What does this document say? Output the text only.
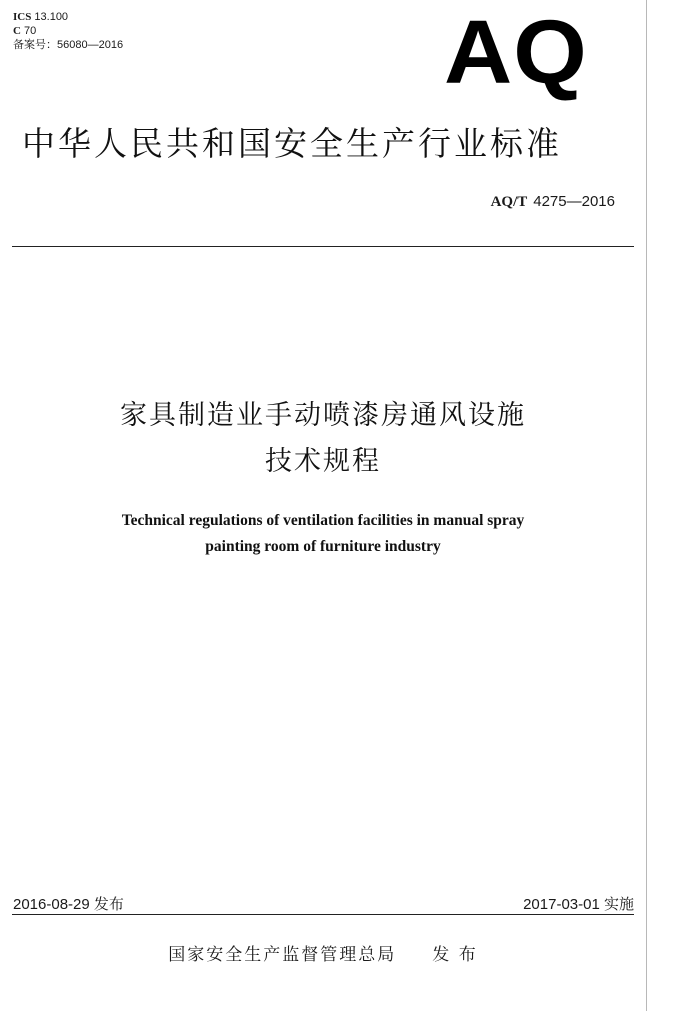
ICS 13.100
C 70
备案号：56080—2016	AQ
中华人民共和国安全生产行业标准
AQ/T 4275—2016
家具制造业手动喷漆房通风设施
技术规程
Technical regulations of ventilation facilities in manual spray
painting room of furniture industry
2016-08-29 发布	2017-03-01 实施
国家安全生产监督管理总局 发 布
